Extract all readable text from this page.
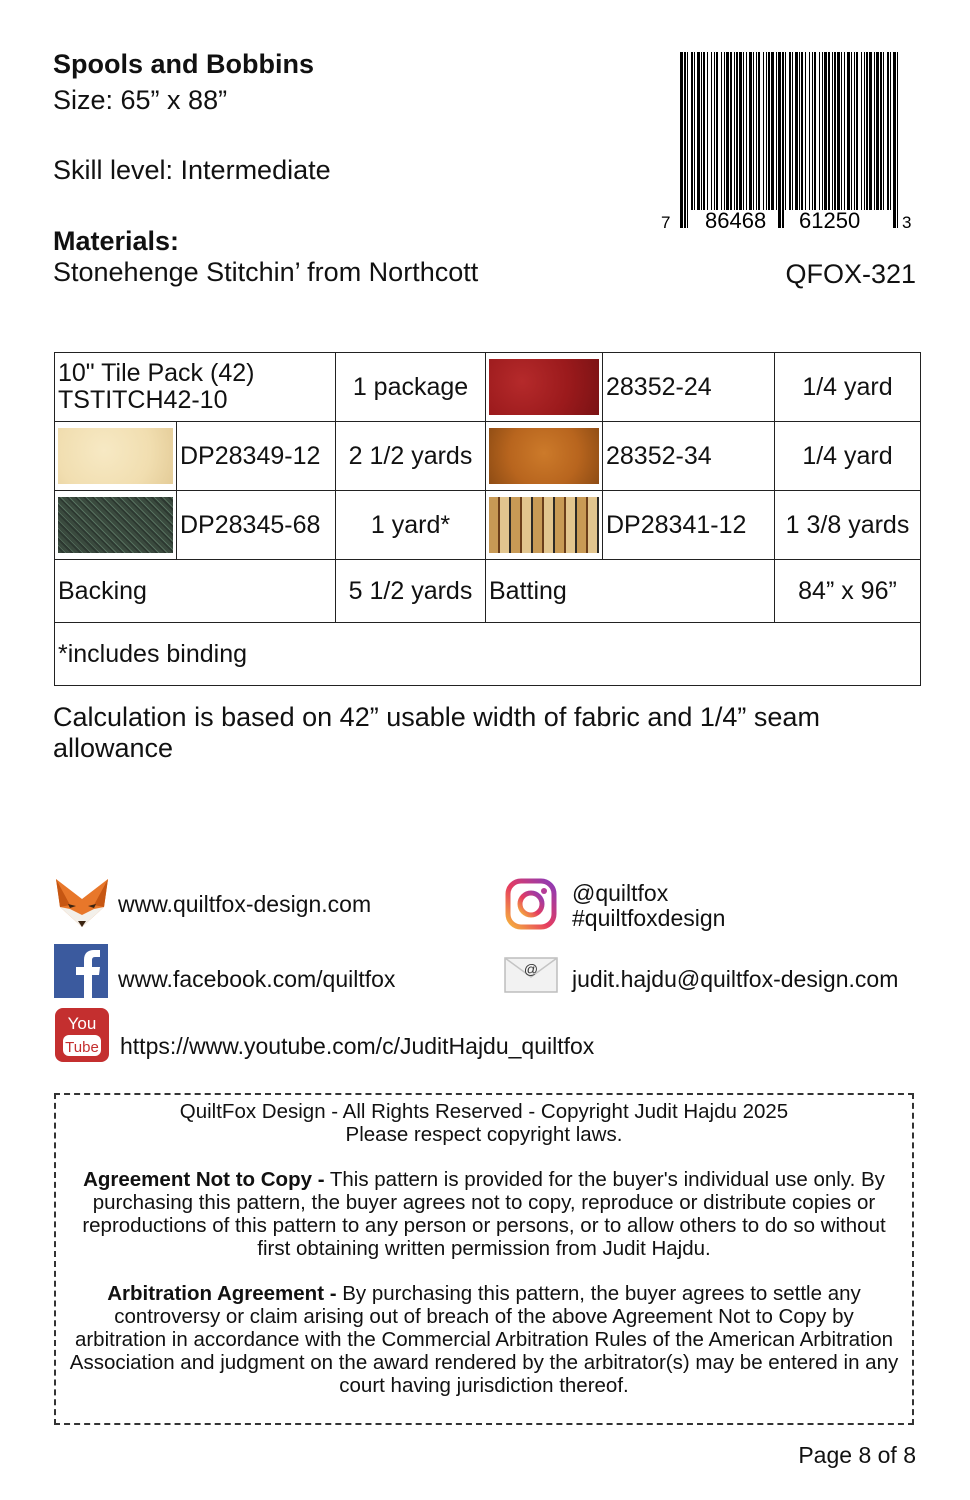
Spools and Bobbins
Size: 65” x 88”
Skill level: Intermediate
Materials:
Stonehenge Stitchin’ from Northcott	QFOX-321
7 86468 61250 3
10" Tile Pack (42)
TSTITCH42-10		1 package		28352-24	1/4 yard

	DP28349-12	2 1/2 yards		28352-34	1/4 yard

	DP28345-68	1 yard*		DP28341-12	1 3/8 yards
Backing		5 1/2 yards	Batting		84” x 96”
*includes binding					
Calculation is based on 42” usable width of fabric and 1/4” seam allowance
www.quiltfox-design.com
www.facebook.com/quiltfox
You
Tube https://www.youtube.com/c/JuditHajdu_quiltfox
@quiltfox
#quiltfoxdesign
@ judit.hajdu@quiltfox-design.com

QuiltFox Design - All Rights Reserved - Copyright Judit Hajdu 2025

Please respect copyright laws.

Agreement Not to Copy - This pattern is provided for the buyer's individual use only. By purchasing this pattern, the buyer agrees not to copy, reproduce or distribute copies or reproductions of this pattern to any person or persons, or to allow others to do so without first obtaining written permission from Judit Hajdu.

Arbitration Agreement - By purchasing this pattern, the buyer agrees to settle any controversy or claim arising out of breach of the above Agreement Not to Copy by arbitration in accordance with the Commercial Arbitration Rules of the American Arbitration Association and judgment on the award rendered by the arbitrator(s) may be entered in any court having jurisdiction thereof.

Page 8 of 8
